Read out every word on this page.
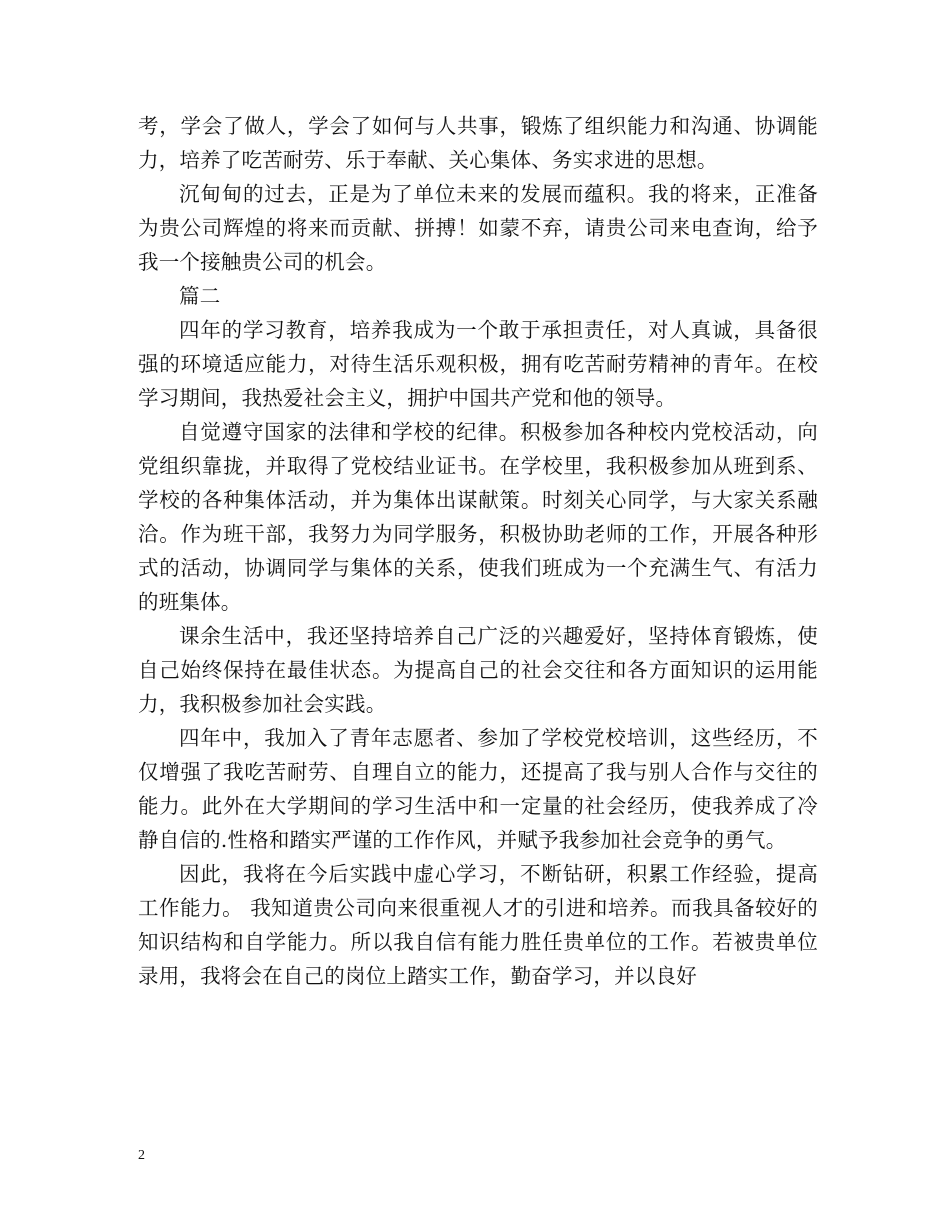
考，学会了做人，学会了如何与人共事，锻炼了组织能力和沟通、协调能力，培养了吃苦耐劳、乐于奉献、关心集体、务实求进的思想。

沉甸甸的过去，正是为了单位未来的发展而蕴积。我的将来，正准备为贵公司辉煌的将来而贡献、拼搏！如蒙不弃，请贵公司来电查询，给予我一个接触贵公司的机会。

篇二

四年的学习教育，培养我成为一个敢于承担责任，对人真诚，具备很强的环境适应能力，对待生活乐观积极，拥有吃苦耐劳精神的青年。在校学习期间，我热爱社会主义，拥护中国共产党和他的领导。

自觉遵守国家的法律和学校的纪律。积极参加各种校内党校活动，向党组织靠拢，并取得了党校结业证书。在学校里，我积极参加从班到系、学校的各种集体活动，并为集体出谋献策。时刻关心同学，与大家关系融洽。作为班干部，我努力为同学服务，积极协助老师的工作，开展各种形式的活动，协调同学与集体的关系，使我们班成为一个充满生气、有活力的班集体。

课余生活中，我还坚持培养自己广泛的兴趣爱好，坚持体育锻炼，使自己始终保持在最佳状态。为提高自己的社会交往和各方面知识的运用能力，我积极参加社会实践。

四年中，我加入了青年志愿者、参加了学校党校培训，这些经历，不仅增强了我吃苦耐劳、自理自立的能力，还提高了我与别人合作与交往的能力。此外在大学期间的学习生活中和一定量的社会经历，使我养成了冷静自信的.性格和踏实严谨的工作作风，并赋予我参加社会竞争的勇气。

因此，我将在今后实践中虚心学习，不断钻研，积累工作经验，提高工作能力。 我知道贵公司向来很重视人才的引进和培养。而我具备较好的知识结构和自学能力。所以我自信有能力胜任贵单位的工作。若被贵单位录用，我将会在自己的岗位上踏实工作，勤奋学习，并以良好

2
